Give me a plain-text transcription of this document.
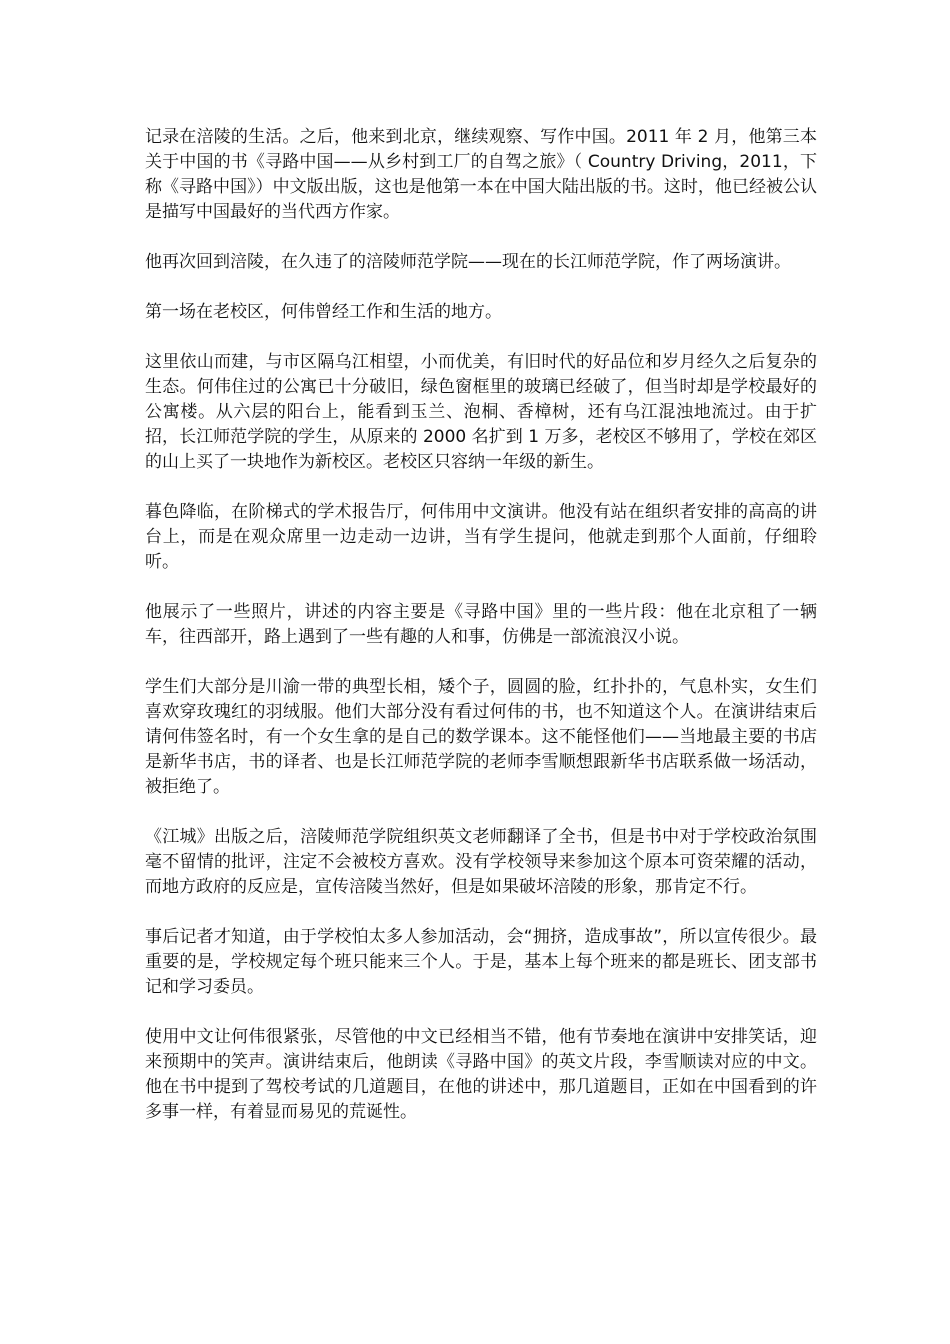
记录在涪陵的生活。之后，他来到北京，继续观察、写作中国。2011 年 2 月，他第三本关于中国的书《寻路中国——从乡村到工厂的自驾之旅》（ Country Driving，2011，下称《寻路中国》）中文版出版，这也是他第一本在中国大陆出版的书。这时，他已经被公认是描写中国最好的当代西方作家。

他再次回到涪陵，在久违了的涪陵师范学院——现在的长江师范学院，作了两场演讲。

第一场在老校区，何伟曾经工作和生活的地方。

这里依山而建，与市区隔乌江相望，小而优美，有旧时代的好品位和岁月经久之后复杂的生态。何伟住过的公寓已十分破旧，绿色窗框里的玻璃已经破了，但当时却是学校最好的公寓楼。从六层的阳台上，能看到玉兰、泡桐、香樟树，还有乌江混浊地流过。由于扩招，长江师范学院的学生，从原来的 2000 名扩到 1 万多，老校区不够用了，学校在郊区的山上买了一块地作为新校区。老校区只容纳一年级的新生。

暮色降临，在阶梯式的学术报告厅，何伟用中文演讲。他没有站在组织者安排的高高的讲台上，而是在观众席里一边走动一边讲，当有学生提问，他就走到那个人面前，仔细聆听。

他展示了一些照片，讲述的内容主要是《寻路中国》里的一些片段：他在北京租了一辆车，往西部开，路上遇到了一些有趣的人和事，仿佛是一部流浪汉小说。

学生们大部分是川渝一带的典型长相，矮个子，圆圆的脸，红扑扑的，气息朴实，女生们喜欢穿玫瑰红的羽绒服。他们大部分没有看过何伟的书，也不知道这个人。在演讲结束后请何伟签名时，有一个女生拿的是自己的数学课本。这不能怪他们——当地最主要的书店是新华书店，书的译者、也是长江师范学院的老师李雪顺想跟新华书店联系做一场活动，被拒绝了。

《江城》出版之后，涪陵师范学院组织英文老师翻译了全书，但是书中对于学校政治氛围毫不留情的批评，注定不会被校方喜欢。没有学校领导来参加这个原本可资荣耀的活动，而地方政府的反应是，宣传涪陵当然好，但是如果破坏涪陵的形象，那肯定不行。

事后记者才知道，由于学校怕太多人参加活动，会“拥挤，造成事故”，所以宣传很少。最重要的是，学校规定每个班只能来三个人。于是，基本上每个班来的都是班长、团支部书记和学习委员。

使用中文让何伟很紧张，尽管他的中文已经相当不错，他有节奏地在演讲中安排笑话，迎来预期中的笑声。演讲结束后，他朗读《寻路中国》的英文片段，李雪顺读对应的中文。他在书中提到了驾校考试的几道题目，在他的讲述中，那几道题目，正如在中国看到的许多事一样，有着显而易见的荒诞性。
